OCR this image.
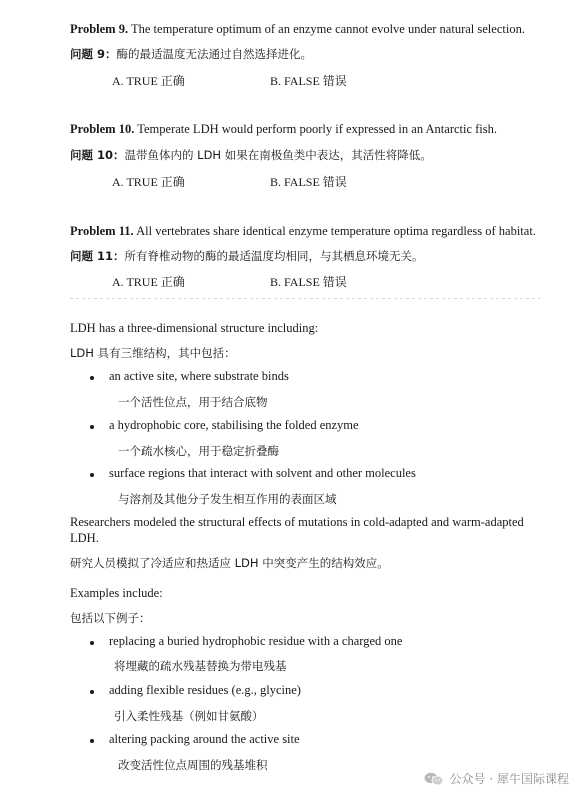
Problem 9. The temperature optimum of an enzyme cannot evolve under natural selection.
问题 9：酶的最适温度无法通过自然选择进化。
A. TRUE 正确	B. FALSE 错误
Problem 10. Temperate LDH would perform poorly if expressed in an Antarctic fish.
问题 10：温带鱼体内的 LDH 如果在南极鱼类中表达，其活性将降低。
A. TRUE 正确	B. FALSE 错误
Problem 11. All vertebrates share identical enzyme temperature optima regardless of habitat.
问题 11：所有脊椎动物的酶的最适温度均相同，与其栖息环境无关。
A. TRUE 正确	B. FALSE 错误
LDH has a three-dimensional structure including:
LDH 具有三维结构，其中包括：
an active site, where substrate binds
一个活性位点，用于结合底物
a hydrophobic core, stabilising the folded enzyme
一个疏水核心，用于稳定折叠酶
surface regions that interact with solvent and other molecules
与溶剂及其他分子发生相互作用的表面区域
Researchers modeled the structural effects of mutations in cold-adapted and warm-adapted
LDH.
研究人员模拟了冷适应和热适应 LDH 中突变产生的结构效应。
Examples include:
包括以下例子：
replacing a buried hydrophobic residue with a charged one
将埋藏的疏水残基替换为带电残基
adding flexible residues (e.g., glycine)
引入柔性残基（例如甘氨酸）
altering packing around the active site
改变活性位点周围的残基堆积
公众号 · 犀牛国际课程
